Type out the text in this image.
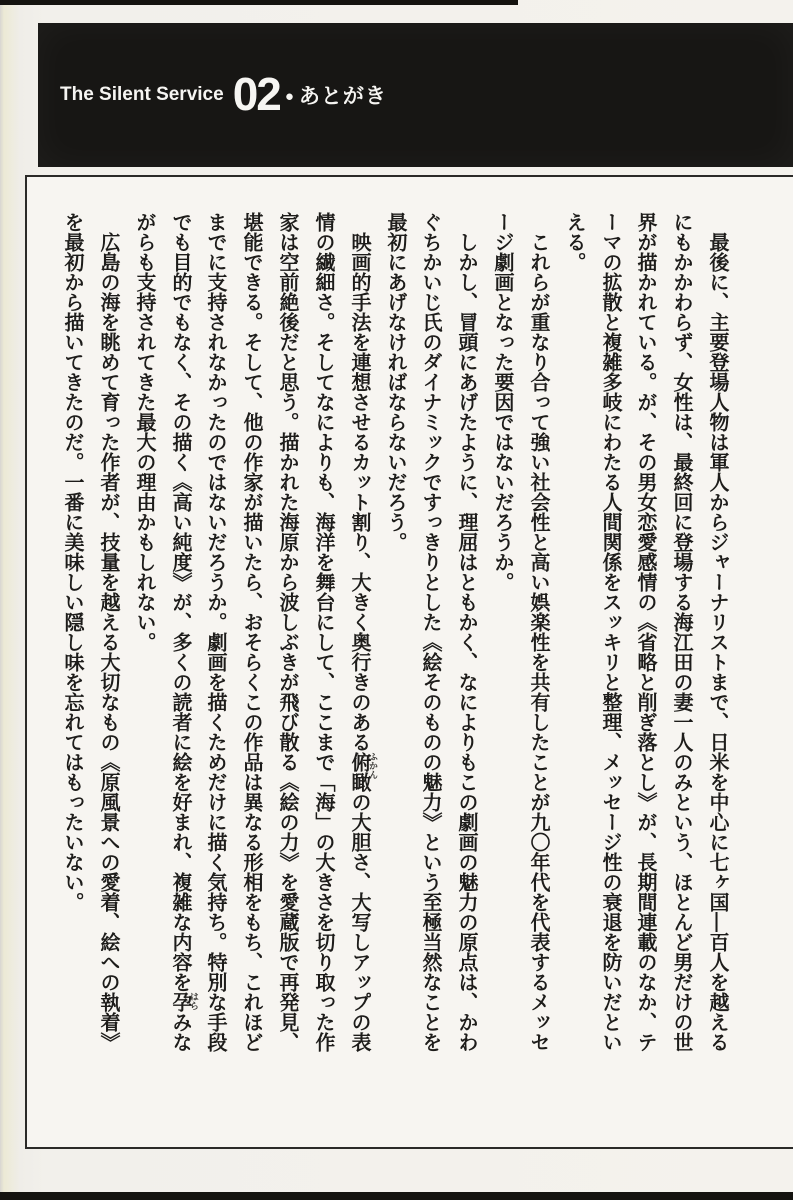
The Silent Service 02 ● あとがき
最後に、主要登場人物は軍人からジャーナリストまで、日米を中心に七ヶ国―百人を越える
にもかかわらず、女性は、最終回に登場する海江田の妻一人のみという、ほとんど男だけの世
界が描かれている。が、その男女恋愛感情の《省略と削ぎ落とし》が、長期間連載のなか、テ
ーマの拡散と複雑多岐にわたる人間関係をスッキリと整理、メッセージ性の衰退を防いだとい
える。
これらが重なり合って強い社会性と高い娯楽性を共有したことが九〇年代を代表するメッセ
ージ劇画となった要因ではないだろうか。
しかし、冒頭にあげたように、理屈はともかく、なによりもこの劇画の魅力の原点は、かわ
ぐちかいじ氏のダイナミックですっきりとした《絵そのものの魅力》という至極当然なことを
最初にあげなければならないだろう。
映画的手法を連想させるカット割り、大きく奥行きのある俯瞰の大胆さ、大写しアップの表
情の繊細さ。そしてなによりも、海洋を舞台にして、ここまで「海」の大きさを切り取った作
家は空前絶後だと思う。描かれた海原から波しぶきが飛び散る《絵の力》を愛蔵版で再発見、
堪能できる。そして、他の作家が描いたら、おそらくこの作品は異なる形相をもち、これほど
までに支持されなかったのではないだろうか。劇画を描くためだけに描く気持ち。特別な手段
でも目的でもなく、その描く《高い純度》が、多くの読者に絵を好まれ、複雑な内容を孕みな
がらも支持されてきた最大の理由かもしれない。
広島の海を眺めて育った作者が、技量を越える大切なもの《原風景への愛着、絵への執着》
を最初から描いてきたのだ。一番に美味しい隠し味を忘れてはもったいない。	ふかん
はら
